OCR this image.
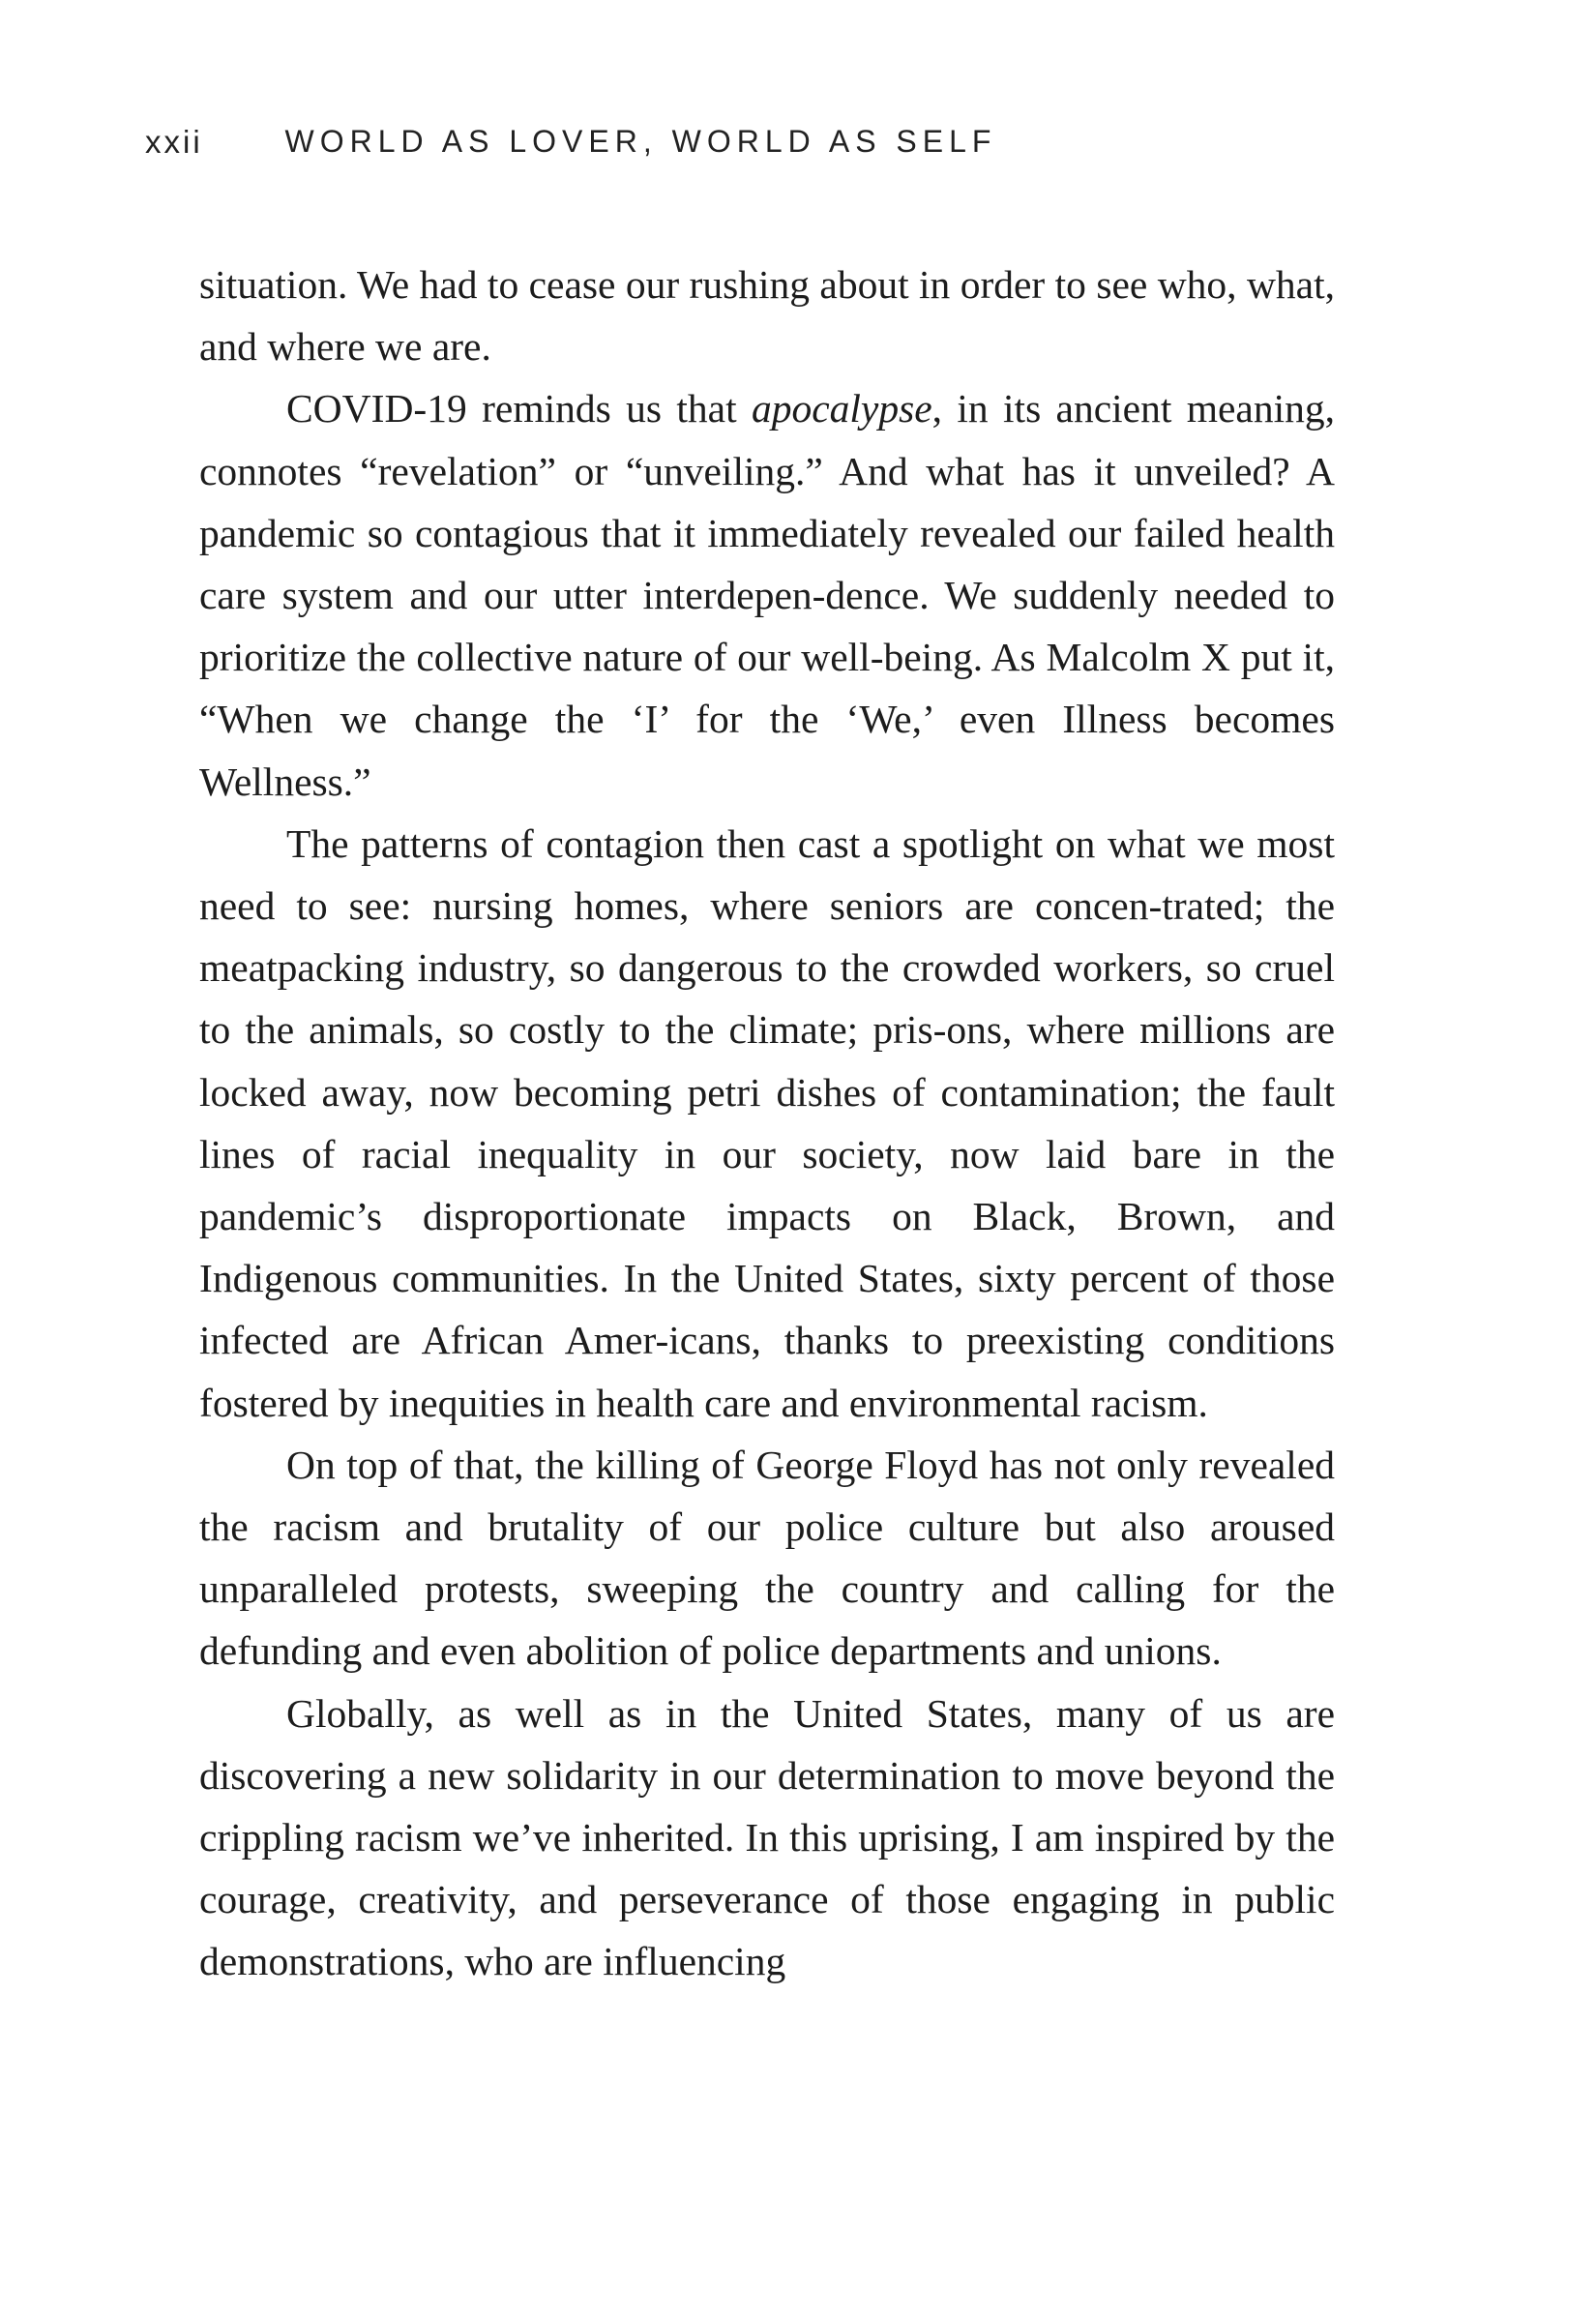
xxii	WORLD AS LOVER, WORLD AS SELF

situation. We had to cease our rushing about in order to see who, what, and where we are.

COVID-19 reminds us that apocalypse, in its ancient meaning, connotes “revelation” or “unveiling.” And what has it unveiled? A pandemic so contagious that it immediately revealed our failed health care system and our utter interdepen-dence. We suddenly needed to prioritize the collective nature of our well-being. As Malcolm X put it, “When we change the ‘I’ for the ‘We,’ even Illness becomes Wellness.”

The patterns of contagion then cast a spotlight on what we most need to see: nursing homes, where seniors are concen-trated; the meatpacking industry, so dangerous to the crowded workers, so cruel to the animals, so costly to the climate; pris-ons, where millions are locked away, now becoming petri dishes of contamination; the fault lines of racial inequality in our society, now laid bare in the pandemic’s disproportionate impacts on Black, Brown, and Indigenous communities. In the United States, sixty percent of those infected are African Amer-icans, thanks to preexisting conditions fostered by inequities in health care and environmental racism.

On top of that, the killing of George Floyd has not only revealed the racism and brutality of our police culture but also aroused unparalleled protests, sweeping the country and calling for the defunding and even abolition of police departments and unions.

Globally, as well as in the United States, many of us are discovering a new solidarity in our determination to move beyond the crippling racism we’ve inherited. In this uprising, I am inspired by the courage, creativity, and perseverance of those engaging in public demonstrations, who are influencing
